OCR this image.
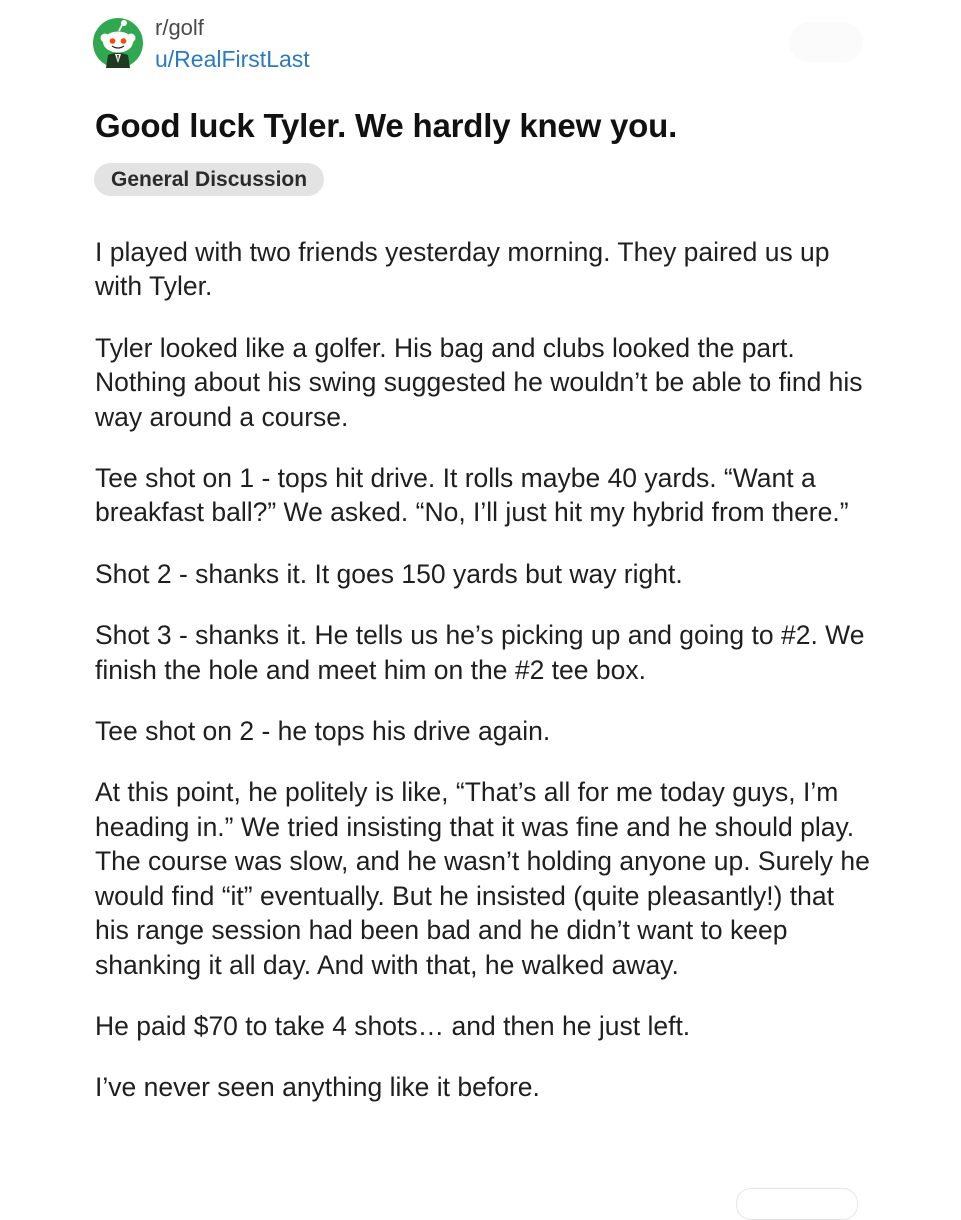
r/golf
u/RealFirstLast
Good luck Tyler. We hardly knew you.
General Discussion

I played with two friends yesterday morning. They paired us up with Tyler.

Tyler looked like a golfer. His bag and clubs looked the part. Nothing about his swing suggested he wouldn’t be able to find his way around a course.

Tee shot on 1 - tops hit drive. It rolls maybe 40 yards. “Want a breakfast ball?” We asked. “No, I’ll just hit my hybrid from there.”

Shot 2 - shanks it. It goes 150 yards but way right.

Shot 3 - shanks it. He tells us he’s picking up and going to #2. We finish the hole and meet him on the #2 tee box.

Tee shot on 2 - he tops his drive again.

At this point, he politely is like, “That’s all for me today guys, I’m heading in.” We tried insisting that it was fine and he should play. The course was slow, and he wasn’t holding anyone up. Surely he would find “it” eventually. But he insisted (quite pleasantly!) that his range session had been bad and he didn’t want to keep shanking it all day. And with that, he walked away.

He paid $70 to take 4 shots… and then he just left.

I’ve never seen anything like it before.
